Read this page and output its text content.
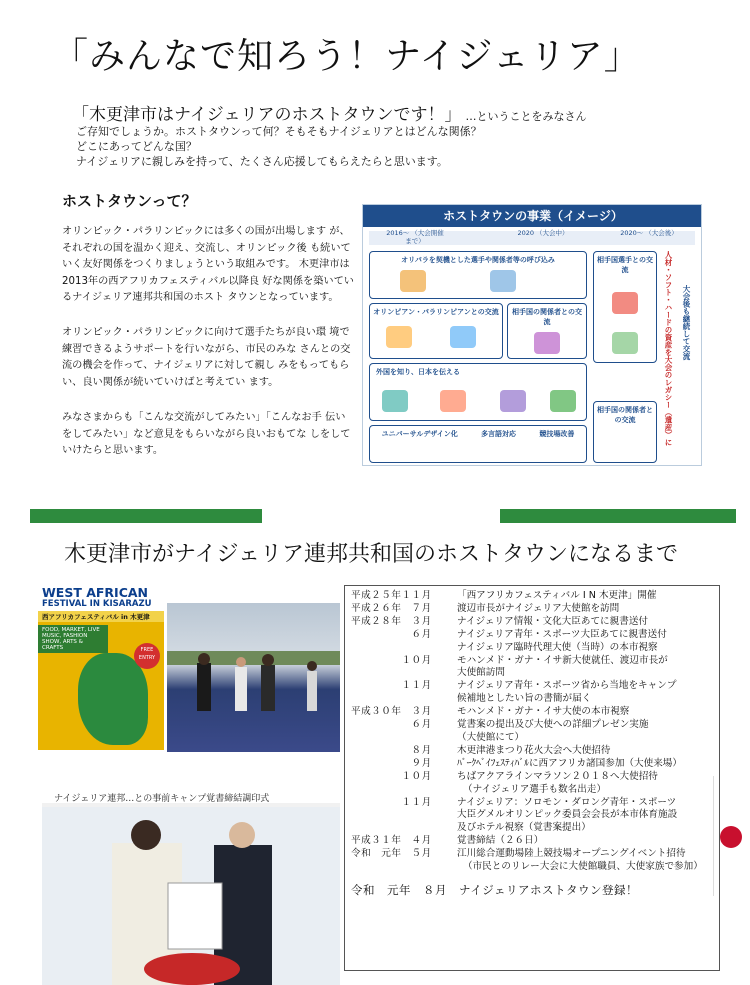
「みんなで知ろう！ナイジェリア」
「木更津市はナイジェリアのホストタウンです！」 …ということをみなさん
ご存知でしょうか。ホストタウンって何？そもそもナイジェリアとはどんな関係？
どこにあってどんな国？
ナイジェリアに親しみを持って、たくさん応援してもらえたらと思います。
ホストタウンって？
オリンピック・パラリンピックには多くの国が出場します が、それぞれの国を温かく迎え、交流し、オリンピック後 も続いていく友好関係をつくりましょうという取組みです。 木更津市は2013年の西アフリカフェスティバル以降良 好な関係を築いているナイジェリア連邦共和国のホスト タウンとなっています。
オリンピック・パラリンピックに向けて選手たちが良い環 境で練習できるようサポートを行いながら、市民のみな さんとの交流の機会を作って、ナイジェリアに対して親し みをもってもらい、良い関係が続いていけばと考えてい ます。
みなさまからも「こんな交流がしてみたい」「こんなお手 伝いをしてみたい」など意見をもらいながら良いおもてな しをしていけたらと思います。
ホストタウンの事業（イメージ）
2016〜 （大会開催まで）
2020 （大会中）	2020〜 （大会後）
オリパラを契機とした選手や関係者等の呼び込み	相手国選手との交流
オリンピアン・パラリンピアンとの交流	相手国の関係者との交流
外国を知り、日本を伝える
ユニバーサルデザイン化	多言語対応	競技場改善
相手国の関係者との交流	人材・ソフト・ハードの資産を大会のレガシー（遺産）に 大会後も継続して交流
木更津市がナイジェリア連邦共和国のホストタウンになるまで
WEST AFRICAN
FESTIVAL IN KISARAZU
西アフリカフェスティバル in 木更津
FOOD, MARKET, LIVE MUSIC, FASHION SHOW, ARTS & CRAFTS	FREE ENTRY
ナイジェリア連邦…との事前キャンプ覚書締結調印式
平成２５年１１月	「西アフリカフェスティバル I N 木更津」開催
平成２６年　７月	渡辺市長がナイジェリア大使館を訪問
平成２８年　３月	ナイジェリア情報・文化大臣あてに親書送付
　　　　　　６月	ナイジェリア青年・スポーツ大臣あてに親書送付
ナイジェリア臨時代理大使（当時）の本市視察
　　　　　１０月	モハンメド・ガナ・イサ新大使就任、渡辺市長が
大使館訪問
　　　　　１１月	ナイジェリア青年・スポーツ省から当地をキャンプ
候補地としたい旨の書簡が届く
平成３０年　３月	モハンメド・ガナ・イサ大使の本市視察
　　　　　　６月	覚書案の提出及び大使への詳細プレゼン実施
（大使館にて）
　　　　　　８月	木更津港まつり花火大会へ大使招待
　　　　　　９月	ﾊﾞｰｸﾍﾞｲﾌｪｽﾃｨﾊﾞﾙに西アフリカ諸国参加（大使来場）
　　　　　１０月	ちばアクアラインマラソン２０１８へ大使招待
（ナイジェリア選手も数名出走）
　　　　　１１月	ナイジェリア：ソロモン・ダロング青年・スポーツ
大臣グメルオリンピック委員会会長が本市体育施設
及びホテル視察（覚書案提出）
平成３１年　４月	覚書締結（２６日）
令和　元年　５月	江川総合運動場陸上競技場オープニングイベント招待
（市民とのリレー大会に大使館職員、大使家族で参加）
令和　元年　８月　ナイジェリアホストタウン登録！
